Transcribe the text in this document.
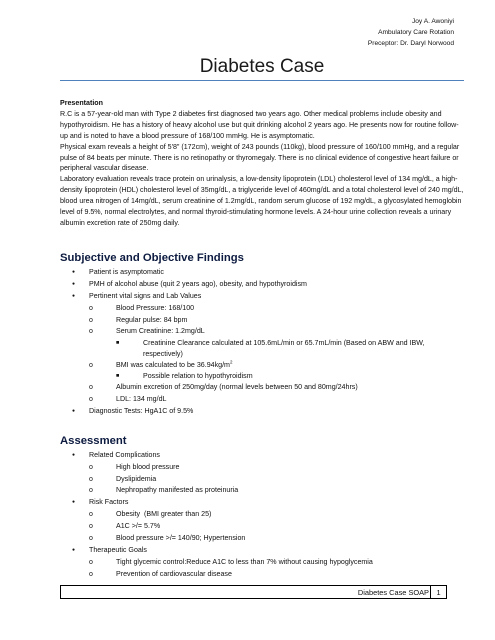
Joy A. Awoniyi
Ambulatory Care Rotation
Preceptor: Dr. Daryl Norwood
Diabetes Case
Presentation

R.C is a 57-year-old man with Type 2 diabetes first diagnosed two years ago. Other medical problems include obesity and hypothyroidism. He has a history of heavy alcohol use but quit drinking alcohol 2 years ago. He presents now for routine follow-up and is noted to have a blood pressure of 168/100 mmHg. He is asymptomatic.

Physical exam reveals a height of 5'8" (172cm), weight of 243 pounds (110kg), blood pressure of 160/100 mmHg, and a regular pulse of 84 beats per minute. There is no retinopathy or thyromegaly. There is no clinical evidence of congestive heart failure or peripheral vascular disease.

Laboratory evaluation reveals trace protein on urinalysis, a low-density lipoprotein (LDL) cholesterol level of 134 mg/dL, a high-density lipoprotein (HDL) cholesterol level of 35mg/dL, a triglyceride level of 460mg/dL and a total cholesterol level of 240 mg/dL, blood urea nitrogen of 14mg/dL, serum creatinine of 1.2mg/dL, random serum glucose of 192 mg/dL, a glycosylated hemoglobin level of 9.5%, normal electrolytes, and normal thyroid-stimulating hormone levels. A 24-hour urine collection reveals a urinary albumin excretion rate of 250mg daily.

Subjective and Objective Findings
● Patient is asymptomatic
● PMH of alcohol abuse (quit 2 years ago), obesity, and hypothyroidism
● Pertinent vital signs and Lab Values
o Blood Pressure: 168/100
o Regular pulse: 84 bpm
o Serum Creatinine: 1.2mg/dL
■ Creatinine Clearance calculated at 105.6mL/min or 65.7mL/min (Based on ABW and IBW, respectively)
o BMI was calculated to be $36.94kg/m^2$
■ Possible relation to hypothyroidism
o Albumin excretion of 250mg/day (normal levels between 50 and 80mg/24hrs)
o LDL: 134 mg/dL
● Diagnostic Tests: HgA1C of 9.5%
Assessment
● Related Complications
o High blood pressure
o Dyslipidemia
o Nephropathy manifested as proteinuria
● Risk Factors
o Obesity  (BMI greater than 25)
o A1C >/= 5.7%
o Blood pressure >/= 140/90; Hypertension
● Therapeutic Goals
o Tight glycemic control:Reduce A1C to less than 7% without causing hypoglycemia
o Prevention of cardiovascular disease
Diabetes Case SOAP	1
